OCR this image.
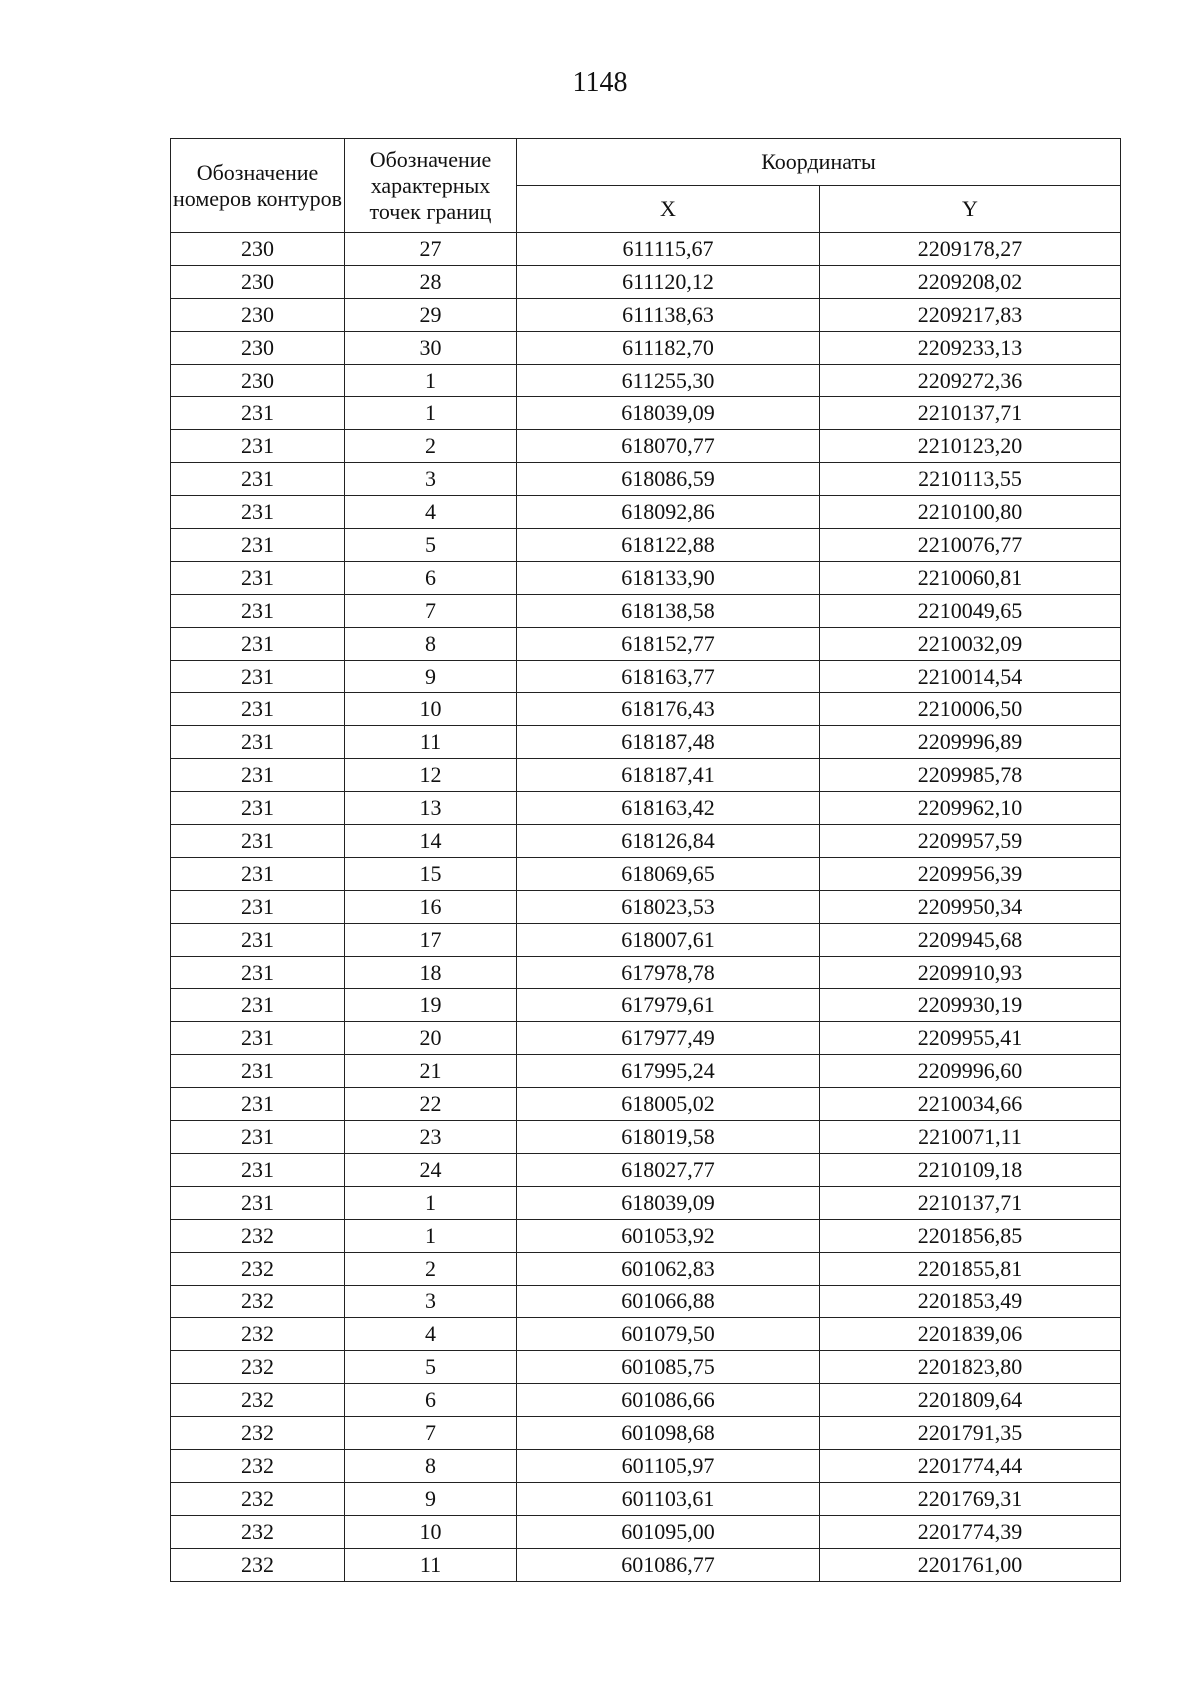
1148
Обозначение номеров контуров	Обозначение характерных точек границ	Координаты	
		X	Y
230	27	611115,67	2209178,27
230	28	611120,12	2209208,02
230	29	611138,63	2209217,83
230	30	611182,70	2209233,13
230	1	611255,30	2209272,36
231	1	618039,09	2210137,71
231	2	618070,77	2210123,20
231	3	618086,59	2210113,55
231	4	618092,86	2210100,80
231	5	618122,88	2210076,77
231	6	618133,90	2210060,81
231	7	618138,58	2210049,65
231	8	618152,77	2210032,09
231	9	618163,77	2210014,54
231	10	618176,43	2210006,50
231	11	618187,48	2209996,89
231	12	618187,41	2209985,78
231	13	618163,42	2209962,10
231	14	618126,84	2209957,59
231	15	618069,65	2209956,39
231	16	618023,53	2209950,34
231	17	618007,61	2209945,68
231	18	617978,78	2209910,93
231	19	617979,61	2209930,19
231	20	617977,49	2209955,41
231	21	617995,24	2209996,60
231	22	618005,02	2210034,66
231	23	618019,58	2210071,11
231	24	618027,77	2210109,18
231	1	618039,09	2210137,71
232	1	601053,92	2201856,85
232	2	601062,83	2201855,81
232	3	601066,88	2201853,49
232	4	601079,50	2201839,06
232	5	601085,75	2201823,80
232	6	601086,66	2201809,64
232	7	601098,68	2201791,35
232	8	601105,97	2201774,44
232	9	601103,61	2201769,31
232	10	601095,00	2201774,39
232	11	601086,77	2201761,00
